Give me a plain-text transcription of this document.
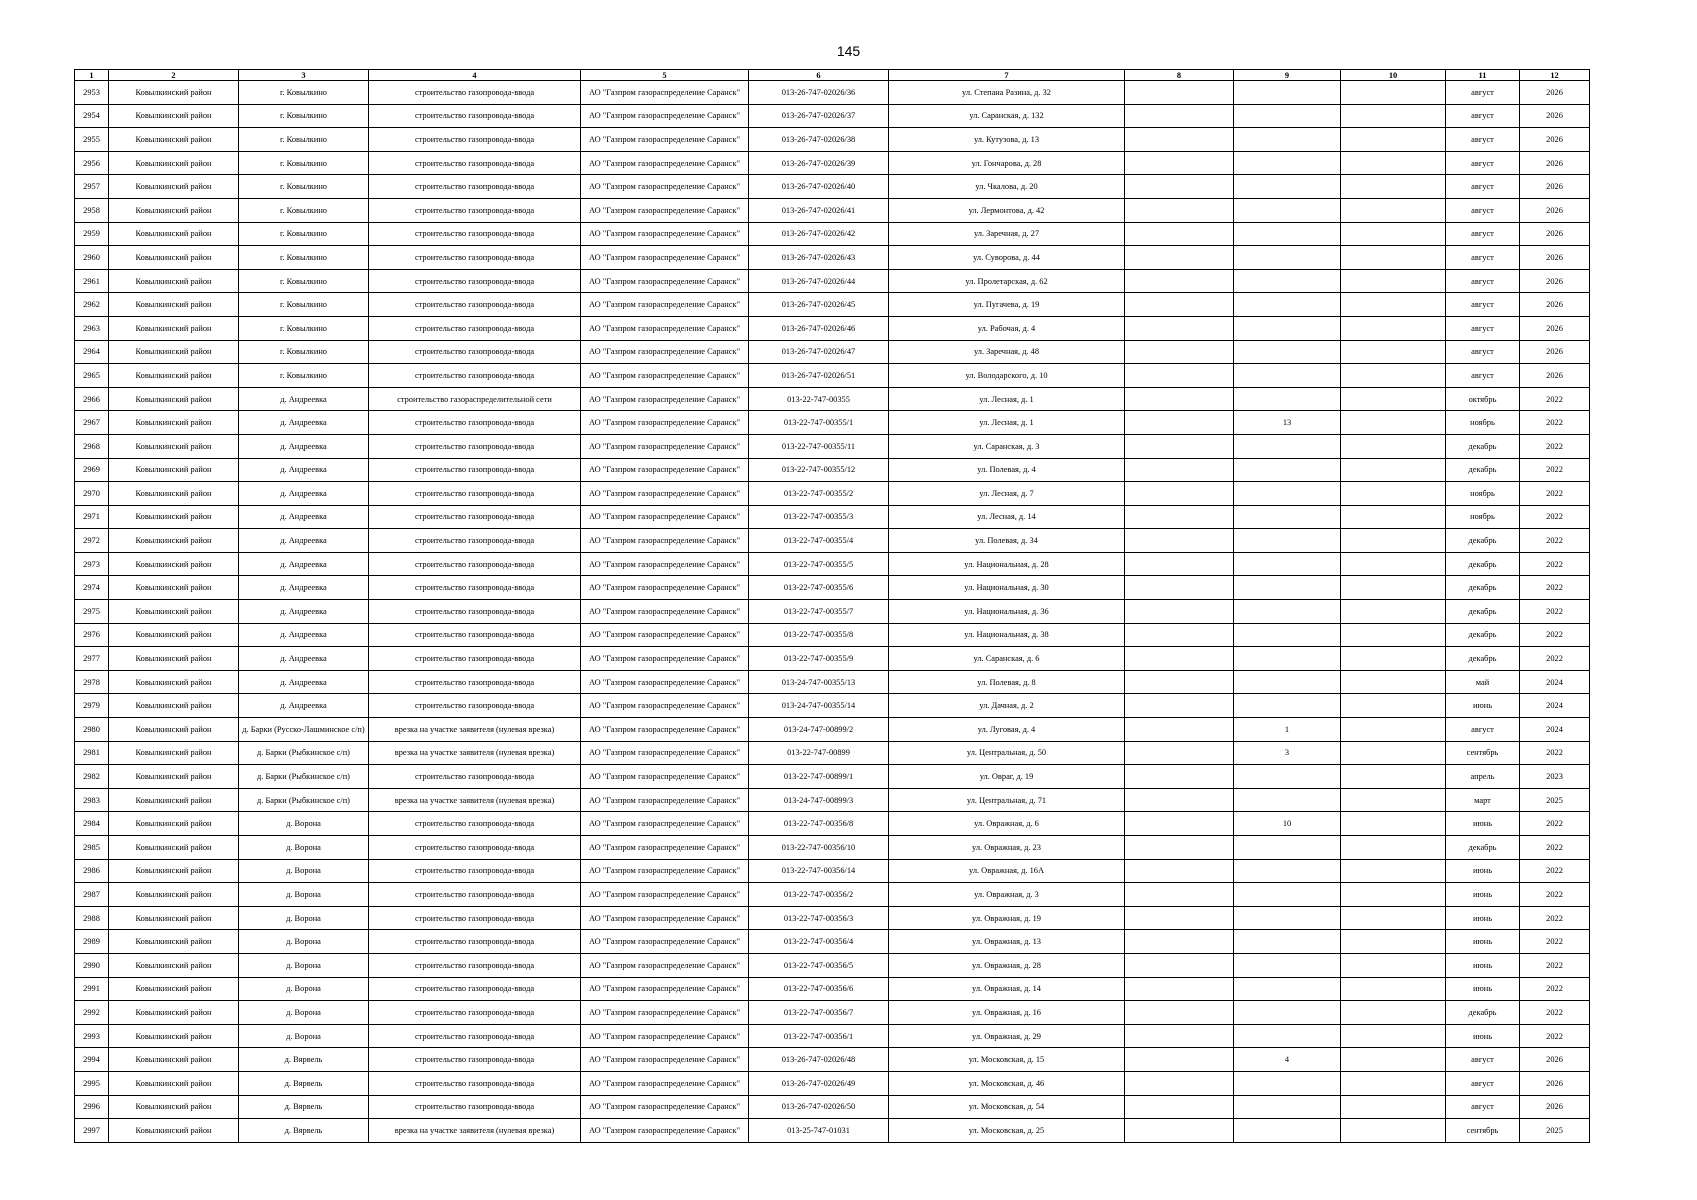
145
1	2	3	4	5	6	7	8	9	10	11	12
2953	Ковылкинский район	г. Ковылкино	строительство газопровода-ввода	АО "Газпром газораспределение Саранск"	013-26-747-02026/36	ул. Степана Разина, д. 32				август	2026
2954	Ковылкинский район	г. Ковылкино	строительство газопровода-ввода	АО "Газпром газораспределение Саранск"	013-26-747-02026/37	ул. Саранская, д. 132				август	2026
2955	Ковылкинский район	г. Ковылкино	строительство газопровода-ввода	АО "Газпром газораспределение Саранск"	013-26-747-02026/38	ул. Кутузова, д. 13				август	2026
2956	Ковылкинский район	г. Ковылкино	строительство газопровода-ввода	АО "Газпром газораспределение Саранск"	013-26-747-02026/39	ул. Гончарова, д. 28				август	2026
2957	Ковылкинский район	г. Ковылкино	строительство газопровода-ввода	АО "Газпром газораспределение Саранск"	013-26-747-02026/40	ул. Чкалова, д. 20				август	2026
2958	Ковылкинский район	г. Ковылкино	строительство газопровода-ввода	АО "Газпром газораспределение Саранск"	013-26-747-02026/41	ул. Лермонтова, д. 42				август	2026
2959	Ковылкинский район	г. Ковылкино	строительство газопровода-ввода	АО "Газпром газораспределение Саранск"	013-26-747-02026/42	ул. Заречная, д. 27				август	2026
2960	Ковылкинский район	г. Ковылкино	строительство газопровода-ввода	АО "Газпром газораспределение Саранск"	013-26-747-02026/43	ул. Суворова, д. 44				август	2026
2961	Ковылкинский район	г. Ковылкино	строительство газопровода-ввода	АО "Газпром газораспределение Саранск"	013-26-747-02026/44	ул. Пролетарская, д. 62				август	2026
2962	Ковылкинский район	г. Ковылкино	строительство газопровода-ввода	АО "Газпром газораспределение Саранск"	013-26-747-02026/45	ул. Пугачева, д. 19				август	2026
2963	Ковылкинский район	г. Ковылкино	строительство газопровода-ввода	АО "Газпром газораспределение Саранск"	013-26-747-02026/46	ул. Рабочая, д. 4				август	2026
2964	Ковылкинский район	г. Ковылкино	строительство газопровода-ввода	АО "Газпром газораспределение Саранск"	013-26-747-02026/47	ул. Заречная, д. 48				август	2026
2965	Ковылкинский район	г. Ковылкино	строительство газопровода-ввода	АО "Газпром газораспределение Саранск"	013-26-747-02026/51	ул. Володарского, д. 10				август	2026
2966	Ковылкинский район	д. Андреевка	строительство газораспределительной сети	АО "Газпром газораспределение Саранск"	013-22-747-00355	ул. Лесная, д. 1				октябрь	2022
2967	Ковылкинский район	д. Андреевка	строительство газопровода-ввода	АО "Газпром газораспределение Саранск"	013-22-747-00355/1	ул. Лесная, д. 1		13		ноябрь	2022
2968	Ковылкинский район	д. Андреевка	строительство газопровода-ввода	АО "Газпром газораспределение Саранск"	013-22-747-00355/11	ул. Саранская, д. 3				декабрь	2022
2969	Ковылкинский район	д. Андреевка	строительство газопровода-ввода	АО "Газпром газораспределение Саранск"	013-22-747-00355/12	ул. Полевая, д. 4				декабрь	2022
2970	Ковылкинский район	д. Андреевка	строительство газопровода-ввода	АО "Газпром газораспределение Саранск"	013-22-747-00355/2	ул. Лесная, д. 7				ноябрь	2022
2971	Ковылкинский район	д. Андреевка	строительство газопровода-ввода	АО "Газпром газораспределение Саранск"	013-22-747-00355/3	ул. Лесная, д. 14				ноябрь	2022
2972	Ковылкинский район	д. Андреевка	строительство газопровода-ввода	АО "Газпром газораспределение Саранск"	013-22-747-00355/4	ул. Полевая, д. 34				декабрь	2022
2973	Ковылкинский район	д. Андреевка	строительство газопровода-ввода	АО "Газпром газораспределение Саранск"	013-22-747-00355/5	ул. Национальная, д. 28				декабрь	2022
2974	Ковылкинский район	д. Андреевка	строительство газопровода-ввода	АО "Газпром газораспределение Саранск"	013-22-747-00355/6	ул. Национальная, д. 30				декабрь	2022
2975	Ковылкинский район	д. Андреевка	строительство газопровода-ввода	АО "Газпром газораспределение Саранск"	013-22-747-00355/7	ул. Национальная, д. 36				декабрь	2022
2976	Ковылкинский район	д. Андреевка	строительство газопровода-ввода	АО "Газпром газораспределение Саранск"	013-22-747-00355/8	ул. Национальная, д. 38				декабрь	2022
2977	Ковылкинский район	д. Андреевка	строительство газопровода-ввода	АО "Газпром газораспределение Саранск"	013-22-747-00355/9	ул. Саранская, д. 6				декабрь	2022
2978	Ковылкинский район	д. Андреевка	строительство газопровода-ввода	АО "Газпром газораспределение Саранск"	013-24-747-00355/13	ул. Полевая, д. 8				май	2024
2979	Ковылкинский район	д. Андреевка	строительство газопровода-ввода	АО "Газпром газораспределение Саранск"	013-24-747-00355/14	ул. Дачная, д. 2				июнь	2024
2980	Ковылкинский район	д. Барки (Русско-Лашминское с/п)	врезка на участке заявителя (нулевая врезка)	АО "Газпром газораспределение Саранск"	013-24-747-00899/2	ул. Луговая, д. 4		1		август	2024
2981	Ковылкинский район	д. Барки (Рыбкинское с/п)	врезка на участке заявителя (нулевая врезка)	АО "Газпром газораспределение Саранск"	013-22-747-00899	ул. Центральная, д. 50		3		сентябрь	2022
2982	Ковылкинский район	д. Барки (Рыбкинское с/п)	строительство газопровода-ввода	АО "Газпром газораспределение Саранск"	013-22-747-00899/1	ул. Овраг, д. 19				апрель	2023
2983	Ковылкинский район	д. Барки (Рыбкинское с/п)	врезка на участке заявителя (нулевая врезка)	АО "Газпром газораспределение Саранск"	013-24-747-00899/3	ул. Центральная, д. 71				март	2025
2984	Ковылкинский район	д. Ворона	строительство газопровода-ввода	АО "Газпром газораспределение Саранск"	013-22-747-00356/8	ул. Овражная, д. 6		10		июнь	2022
2985	Ковылкинский район	д. Ворона	строительство газопровода-ввода	АО "Газпром газораспределение Саранск"	013-22-747-00356/10	ул. Овражная, д. 23				декабрь	2022
2986	Ковылкинский район	д. Ворона	строительство газопровода-ввода	АО "Газпром газораспределение Саранск"	013-22-747-00356/14	ул. Овражная, д. 16А				июнь	2022
2987	Ковылкинский район	д. Ворона	строительство газопровода-ввода	АО "Газпром газораспределение Саранск"	013-22-747-00356/2	ул. Овражная, д. 3				июнь	2022
2988	Ковылкинский район	д. Ворона	строительство газопровода-ввода	АО "Газпром газораспределение Саранск"	013-22-747-00356/3	ул. Овражная, д. 19				июнь	2022
2989	Ковылкинский район	д. Ворона	строительство газопровода-ввода	АО "Газпром газораспределение Саранск"	013-22-747-00356/4	ул. Овражная, д. 13				июнь	2022
2990	Ковылкинский район	д. Ворона	строительство газопровода-ввода	АО "Газпром газораспределение Саранск"	013-22-747-00356/5	ул. Овражная, д. 28				июнь	2022
2991	Ковылкинский район	д. Ворона	строительство газопровода-ввода	АО "Газпром газораспределение Саранск"	013-22-747-00356/6	ул. Овражная, д. 14				июнь	2022
2992	Ковылкинский район	д. Ворона	строительство газопровода-ввода	АО "Газпром газораспределение Саранск"	013-22-747-00356/7	ул. Овражная, д. 16				декабрь	2022
2993	Ковылкинский район	д. Ворона	строительство газопровода-ввода	АО "Газпром газораспределение Саранск"	013-22-747-00356/1	ул. Овражная, д. 29				июнь	2022
2994	Ковылкинский район	д. Вярвель	строительство газопровода-ввода	АО "Газпром газораспределение Саранск"	013-26-747-02026/48	ул. Московская, д. 15		4		август	2026
2995	Ковылкинский район	д. Вярвель	строительство газопровода-ввода	АО "Газпром газораспределение Саранск"	013-26-747-02026/49	ул. Московская, д. 46				август	2026
2996	Ковылкинский район	д. Вярвель	строительство газопровода-ввода	АО "Газпром газораспределение Саранск"	013-26-747-02026/50	ул. Московская, д. 54				август	2026
2997	Ковылкинский район	д. Вярвель	врезка на участке заявителя (нулевая врезка)	АО "Газпром газораспределение Саранск"	013-25-747-01031	ул. Московская, д. 25				сентябрь	2025
